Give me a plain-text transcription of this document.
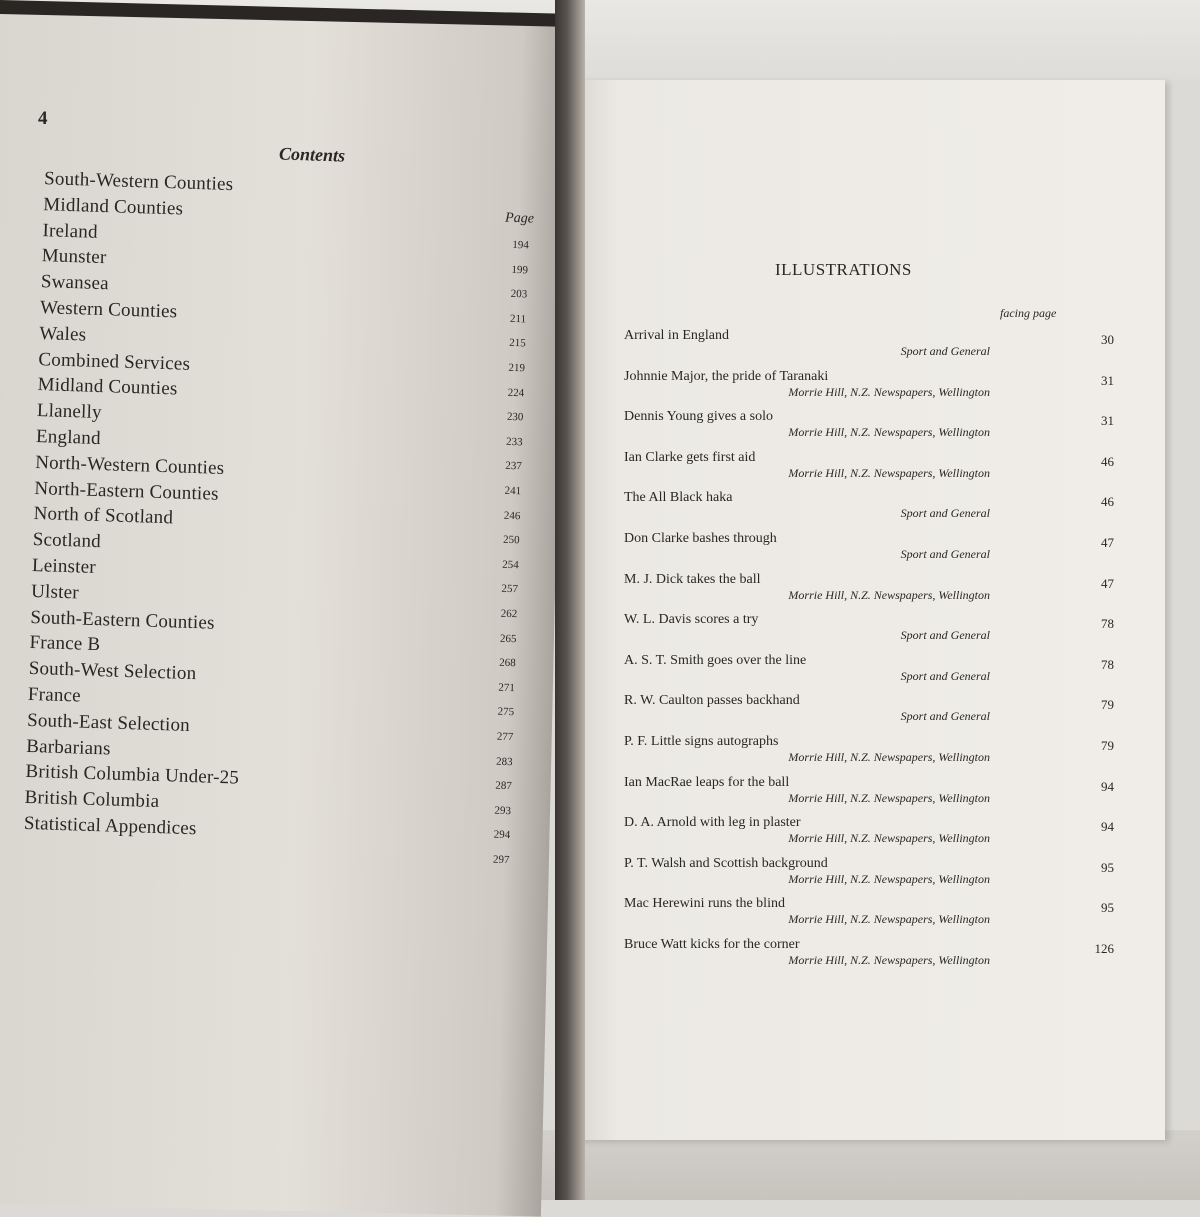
4
Contents
Page
South-Western Counties
194
Midland Counties
199
Ireland
203
Munster
211
Swansea
215
Western Counties
219
Wales
224
Combined Services
230
Midland Counties
233
Llanelly
237
England
241
North-Western Counties
246
North-Eastern Counties
250
North of Scotland
254
Scotland
257
Leinster
262
Ulster
265
South-Eastern Counties
268
France B
271
South-West Selection
275
France
277
South-East Selection
283
Barbarians
287
British Columbia Under-25
293
British Columbia
294
Statistical Appendices
297
ILLUSTRATIONS
facing page
Arrival in England
Sport and General
30
Johnnie Major, the pride of Taranaki
Morrie Hill, N.Z. Newspapers, Wellington
31
Dennis Young gives a solo
Morrie Hill, N.Z. Newspapers, Wellington
31
Ian Clarke gets first aid
Morrie Hill, N.Z. Newspapers, Wellington
46
The All Black haka
Sport and General
46
Don Clarke bashes through
Sport and General
47
M. J. Dick takes the ball
Morrie Hill, N.Z. Newspapers, Wellington
47
W. L. Davis scores a try
Sport and General
78
A. S. T. Smith goes over the line
Sport and General
78
R. W. Caulton passes backhand
Sport and General
79
P. F. Little signs autographs
Morrie Hill, N.Z. Newspapers, Wellington
79
Ian MacRae leaps for the ball
Morrie Hill, N.Z. Newspapers, Wellington
94
D. A. Arnold with leg in plaster
Morrie Hill, N.Z. Newspapers, Wellington
94
P. T. Walsh and Scottish background
Morrie Hill, N.Z. Newspapers, Wellington
95
Mac Herewini runs the blind
Morrie Hill, N.Z. Newspapers, Wellington
95
Bruce Watt kicks for the corner
Morrie Hill, N.Z. Newspapers, Wellington
126
